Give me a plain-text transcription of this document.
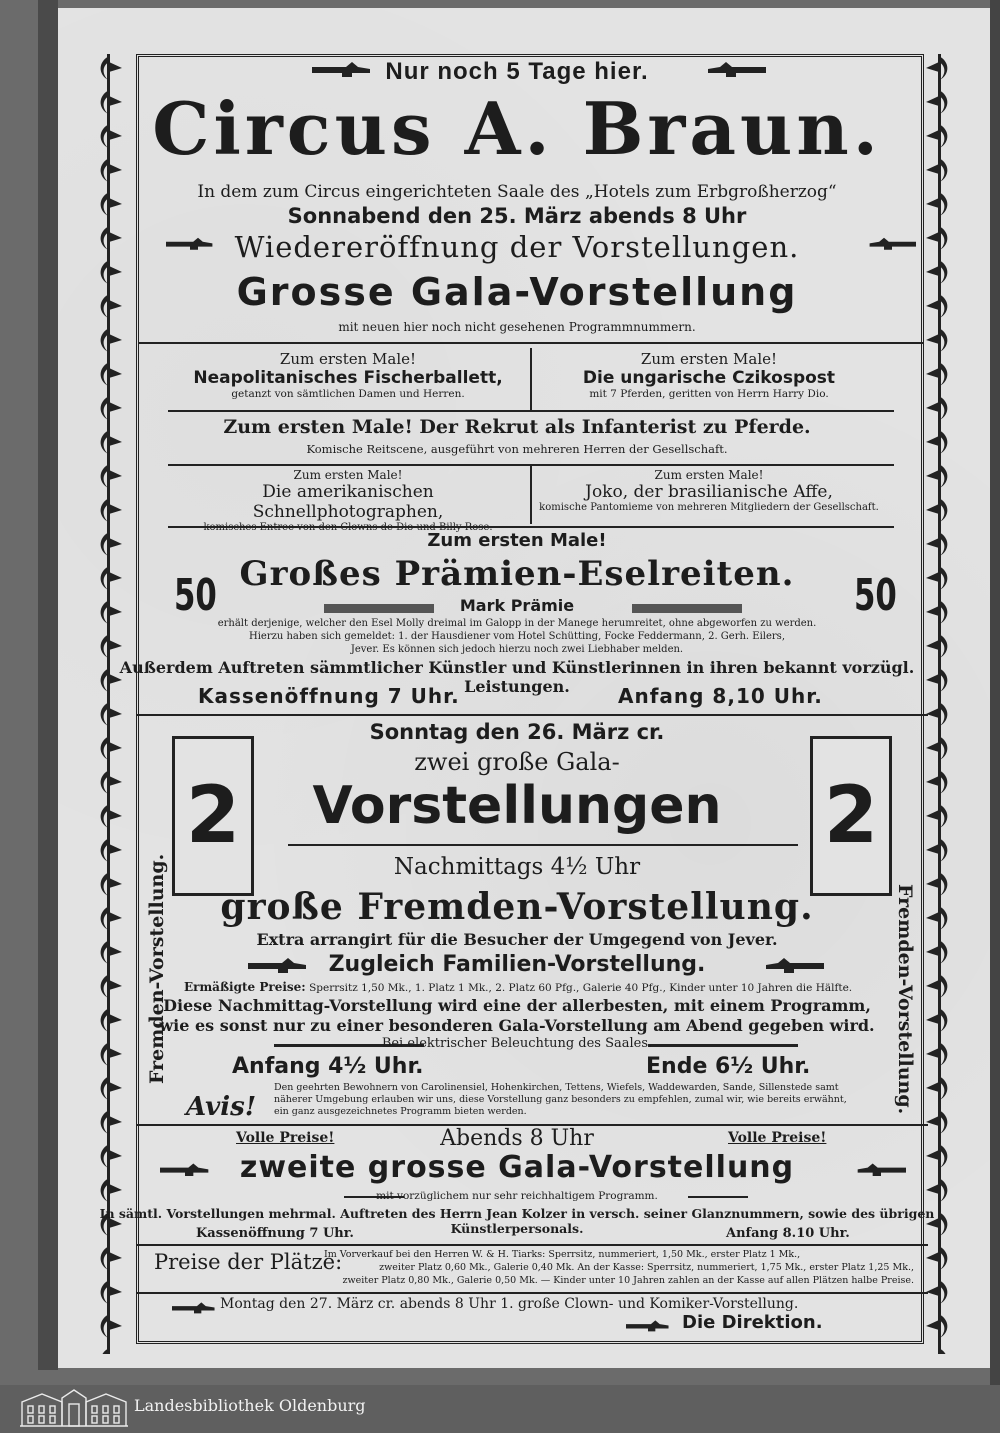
Nur noch 5 Tage hier.
Circus A. Braun.
In dem zum Circus eingerichteten Saale des „Hotels zum Erbgroßherzog“
Sonnabend den 25. März abends 8 Uhr
Wiedereröffnung der Vorstellungen.
Grosse Gala-Vorstellung
mit neuen hier noch nicht gesehenen Programmnummern.
Zum ersten Male!
Neapolitanisches Fischerballett,
getanzt von sämtlichen Damen und Herren.
Zum ersten Male!
Die ungarische Czikospost
mit 7 Pferden, geritten von Herrn Harry Dio.
Zum ersten Male! Der Rekrut als Infanterist zu Pferde.
Komische Reitscene, ausgeführt von mehreren Herren der Gesellschaft.
Zum ersten Male!
Die amerikanischen Schnellphotographen,
Zum ersten Male!
Joko, der brasilianische Affe,
komische Pantomieme von mehreren Mitgliedern der Gesellschaft.
Zum ersten Male!
50	50
Großes Prämien-Eselreiten.
Mark Prämie
erhält derjenige, welcher den Esel Molly dreimal im Galopp in der Manege herumreitet, ohne abgeworfen zu werden.
Hierzu haben sich gemeldet: 1. der Hausdiener vom Hotel Schütting, Focke Feddermann, 2. Gerh. Eilers,
Jever. Es können sich jedoch hierzu noch zwei Liebhaber melden.
Außerdem Auftreten sämmtlicher Künstler und Künstlerinnen in ihren bekannt vorzügl. Leistungen.
Kassenöffnung 7 Uhr.	Anfang 8,10 Uhr.
2	2
Sonntag den 26. März cr.
zwei große Gala-
Vorstellungen
Nachmittags 4½ Uhr
große Fremden-Vorstellung.
Extra arrangirt für die Besucher der Umgegend von Jever.
Fremden-Vorstellung.	Fremden-Vorstellung.
Zugleich Familien-Vorstellung.
Ermäßigte Preise: Sperrsitz 1,50 Mk., 1. Platz 1 Mk., 2. Platz 60 Pfg., Galerie 40 Pfg., Kinder unter 10 Jahren die Hälfte.
Diese Nachmittag-Vorstellung wird eine der allerbesten, mit einem Programm,
wie es sonst nur zu einer besonderen Gala-Vorstellung am Abend gegeben wird.
Bei elektrischer Beleuchtung des Saales.
Anfang 4½ Uhr.	Ende 6½ Uhr.
Avis!
Den geehrten Bewohnern von Carolinensiel, Hohenkirchen, Tettens, Wiefels, Waddewarden, Sande, Sillenstede samt
näherer Umgebung erlauben wir uns, diese Vorstellung ganz besonders zu empfehlen, zumal wir, wie bereits erwähnt,
ein ganz ausgezeichnetes Programm bieten werden.
Volle Preise!	Volle Preise!
Abends 8 Uhr
zweite grosse Gala-Vorstellung
mit vorzüglichem nur sehr reichhaltigem Programm.
In sämtl. Vorstellungen mehrmal. Auftreten des Herrn Jean Kolzer in versch. seiner Glanznummern, sowie des übrigen Künstlerpersonals.
Kassenöffnung 7 Uhr.	Anfang 8.10 Uhr.
Preise der Plätze:
Im Vorverkauf bei den Herren W. & H. Tiarks: Sperrsitz, nummeriert, 1,50 Mk., erster Platz 1 Mk.,
zweiter Platz 0,60 Mk., Galerie 0,40 Mk. An der Kasse: Sperrsitz, nummeriert, 1,75 Mk., erster Platz 1,25 Mk.,
zweiter Platz 0,80 Mk., Galerie 0,50 Mk. — Kinder unter 10 Jahren zahlen an der Kasse auf allen Plätzen halbe Preise.
Montag den 27. März cr. abends 8 Uhr 1. große Clown- und Komiker-Vorstellung.
Die Direktion.
Landesbibliothek Oldenburg
